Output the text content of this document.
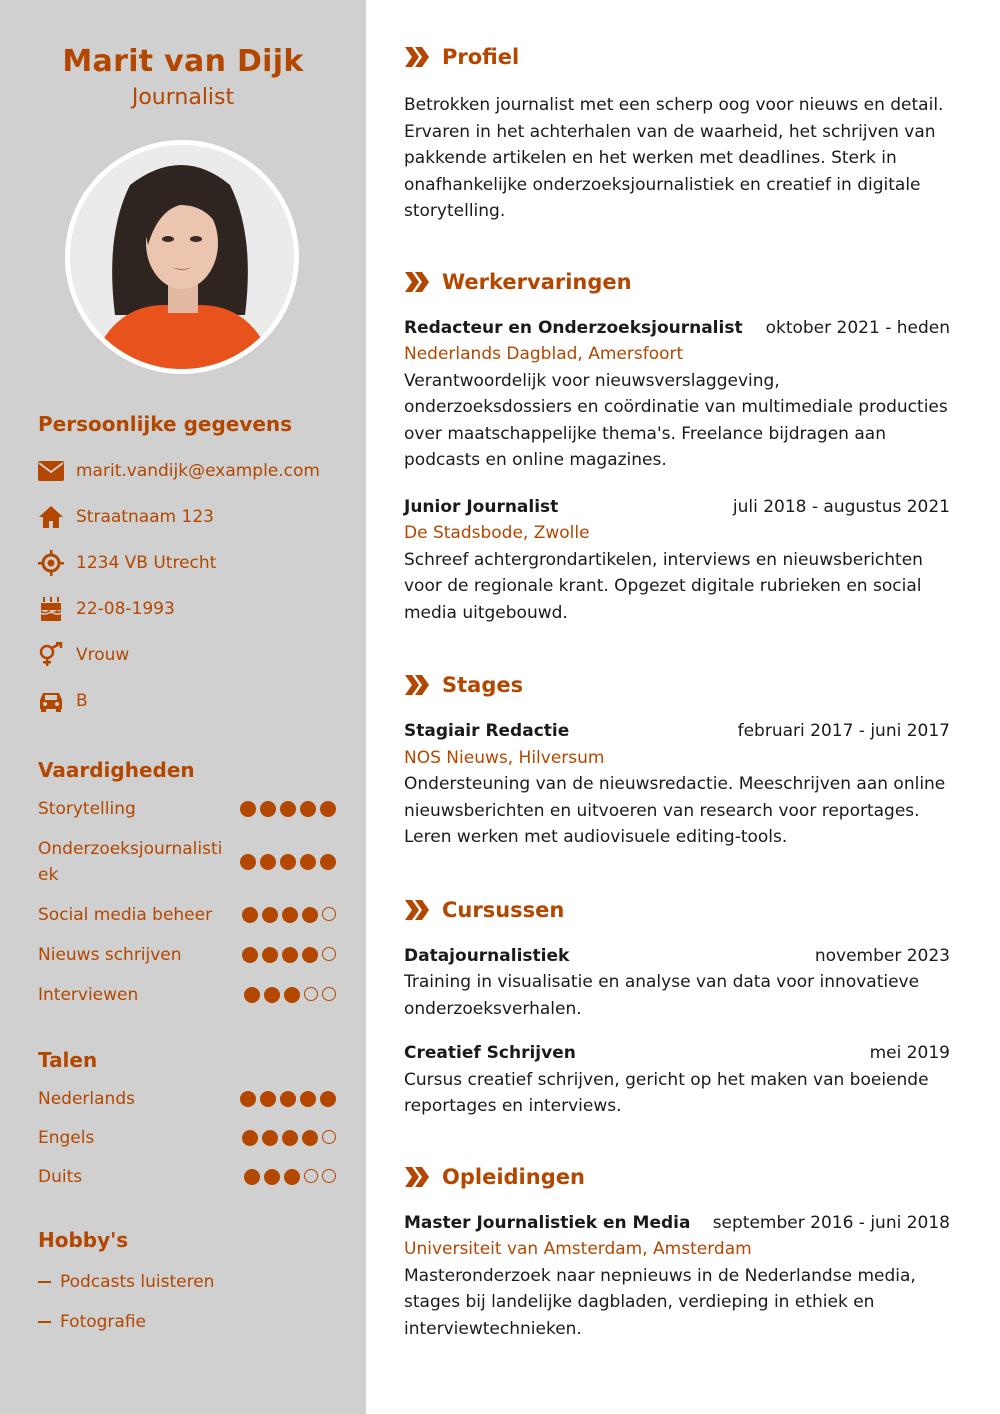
Marit van Dijk
Journalist
Persoonlijke gegevens
marit.vandijk@example.com
Straatnaam 123
1234 VB Utrecht
22-08-1993
Vrouw
B
Vaardigheden
Storytelling
Onderzoeksjournalisti ek
Social media beheer
Nieuws schrijven
Interviewen
Talen
Nederlands
Engels
Duits
Hobby's
Podcasts luisteren
Fotografie
Profiel

Betrokken journalist met een scherp oog voor nieuws en detail. Ervaren in het achterhalen van de waarheid, het schrijven van pakkende artikelen en het werken met deadlines. Sterk in onafhankelijke onderzoeksjournalistiek en creatief in digitale storytelling.

Werkervaringen
Redacteur en Onderzoeksjournalist oktober 2021 - heden
Nederlands Dagblad, Amersfoort

Verantwoordelijk voor nieuwsverslaggeving, onderzoeksdossiers en coördinatie van multimediale producties over maatschappelijke thema's. Freelance bijdragen aan podcasts en online magazines.

Junior Journalist	juli 2018 - augustus 2021
De Stadsbode, Zwolle

Schreef achtergrondartikelen, interviews en nieuwsberichten voor de regionale krant. Opgezet digitale rubrieken en social media uitgebouwd.

Stages
Stagiair Redactie	februari 2017 - juni 2017
NOS Nieuws, Hilversum

Ondersteuning van de nieuwsredactie. Meeschrijven aan online nieuwsberichten en uitvoeren van research voor reportages. Leren werken met audiovisuele editing-tools.

Cursussen
Datajournalistiek	november 2023

Training in visualisatie en analyse van data voor innovatieve onderzoeksverhalen.

Creatief Schrijven	mei 2019

Cursus creatief schrijven, gericht op het maken van boeiende reportages en interviews.

Opleidingen
Master Journalistiek en Media september 2016 - juni 2018
Universiteit van Amsterdam, Amsterdam

Masteronderzoek naar nepnieuws in de Nederlandse media, stages bij landelijke dagbladen, verdieping in ethiek en interviewtechnieken.
